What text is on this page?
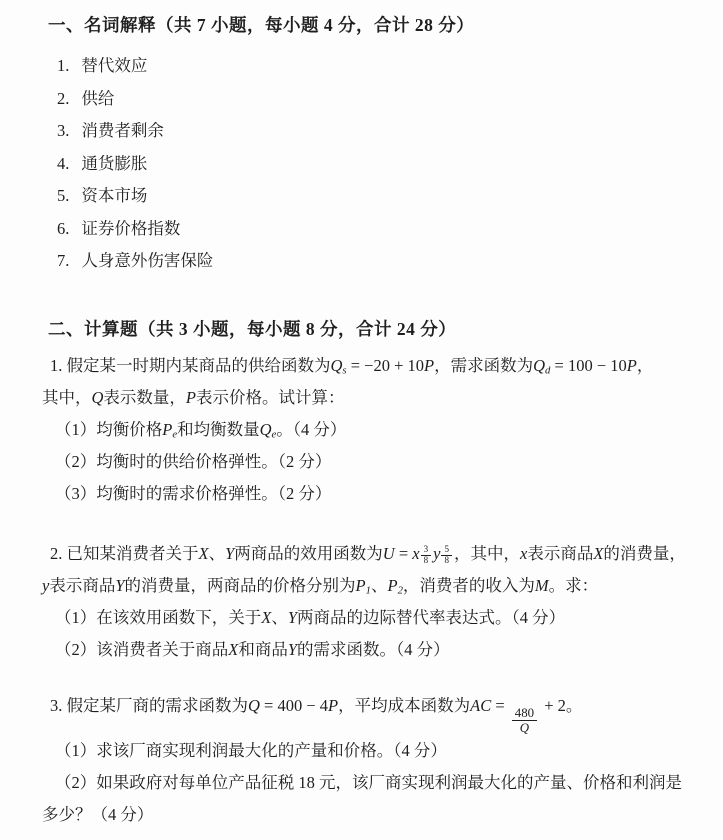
一、名词解释（共 7 小题，每小题 4 分，合计 28 分）
1. 替代效应
2. 供给
3. 消费者剩余
4. 通货膨胀
5. 资本市场
6. 证券价格指数
7. 人身意外伤害保险
二、计算题（共 3 小题，每小题 8 分，合计 24 分）

1. 假定某一时期内某商品的供给函数为Qs = −20 + 10P，需求函数为Qd = 100 − 10P，

其中，Q表示数量，P表示价格。试计算：

（1）均衡价格Pe和均衡数量Qe。（4 分）

（2）均衡时的供给价格弹性。（2 分）

（3）均衡时的需求价格弹性。（2 分）

2. 已知某消费者关于X、Y两商品的效用函数为U = x $\frac{3}{8}$ y $\frac{5}{8}$ ，其中，x表示商品X的消费量，

y表示商品Y的消费量，两商品的价格分别为P1、P2，消费者的收入为M。求：

（1）在该效用函数下，关于X、Y两商品的边际替代率表达式。（4 分）

（2）该消费者关于商品X和商品Y的需求函数。（4 分）

3. 假定某厂商的需求函数为Q = 400 − 4P，平均成本函数为AC =
$\frac{480}{Q}$
+ 2。

（1）求该厂商实现利润最大化的产量和价格。（4 分）

（2）如果政府对每单位产品征税 18 元，该厂商实现利润最大化的产量、价格和利润是

多少？（4 分）
